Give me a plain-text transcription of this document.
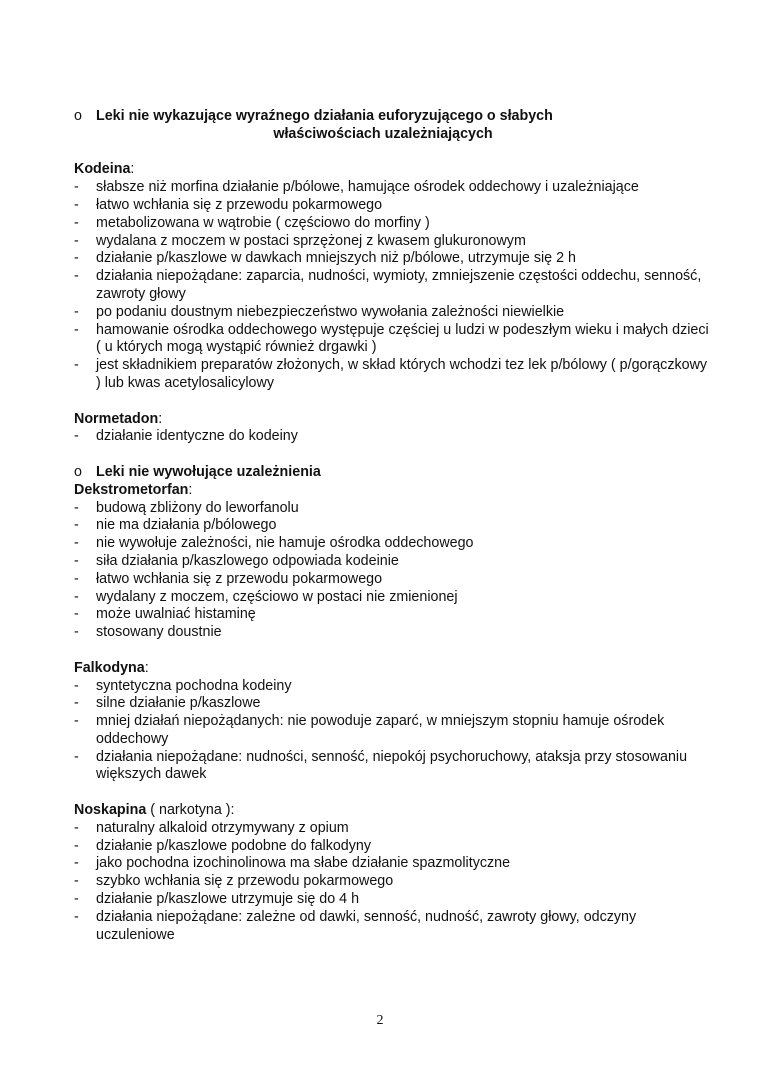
o Leki nie wykazujące wyraźnego działania euforyzującego o słabych
właściwościach uzależniających
Kodeina:
- słabsze niż morfina działanie p/bólowe, hamujące ośrodek oddechowy i uzależniające
- łatwo wchłania się z przewodu pokarmowego
- metabolizowana w wątrobie ( częściowo do morfiny )
- wydalana z moczem w postaci sprzężonej z kwasem glukuronowym
- działanie p/kaszlowe w dawkach mniejszych niż p/bólowe, utrzymuje się 2 h
- działania niepożądane: zaparcia, nudności, wymioty, zmniejszenie częstości oddechu, senność, zawroty głowy
- po podaniu doustnym niebezpieczeństwo wywołania zależności niewielkie
- hamowanie ośrodka oddechowego występuje częściej u ludzi w podeszłym wieku i małych dzieci ( u których mogą wystąpić również drgawki )
- jest składnikiem preparatów złożonych, w skład których wchodzi tez lek p/bólowy ( p/gorączkowy ) lub kwas acetylosalicylowy
Normetadon:
- działanie identyczne do kodeiny
o Leki nie wywołujące uzależnienia
Dekstrometorfan:
- budową zbliżony do leworfanolu
- nie ma działania p/bólowego
- nie wywołuje zależności, nie hamuje ośrodka oddechowego
- siła działania p/kaszlowego odpowiada kodeinie
- łatwo wchłania się z przewodu pokarmowego
- wydalany z moczem, częściowo w postaci nie zmienionej
- może uwalniać histaminę
- stosowany doustnie
Falkodyna:
- syntetyczna pochodna kodeiny
- silne działanie p/kaszlowe
- mniej działań niepożądanych: nie powoduje zaparć, w mniejszym stopniu hamuje ośrodek oddechowy
- działania niepożądane: nudności, senność, niepokój psychoruchowy, ataksja przy stosowaniu większych dawek
Noskapina ( narkotyna ):
- naturalny alkaloid otrzymywany z opium
- działanie p/kaszlowe podobne do falkodyny
- jako pochodna izochinolinowa ma słabe działanie spazmolityczne
- szybko wchłania się z przewodu pokarmowego
- działanie p/kaszlowe utrzymuje się do 4 h
- działania niepożądane: zależne od dawki, senność, nudność, zawroty głowy, odczyny uczuleniowe
2
